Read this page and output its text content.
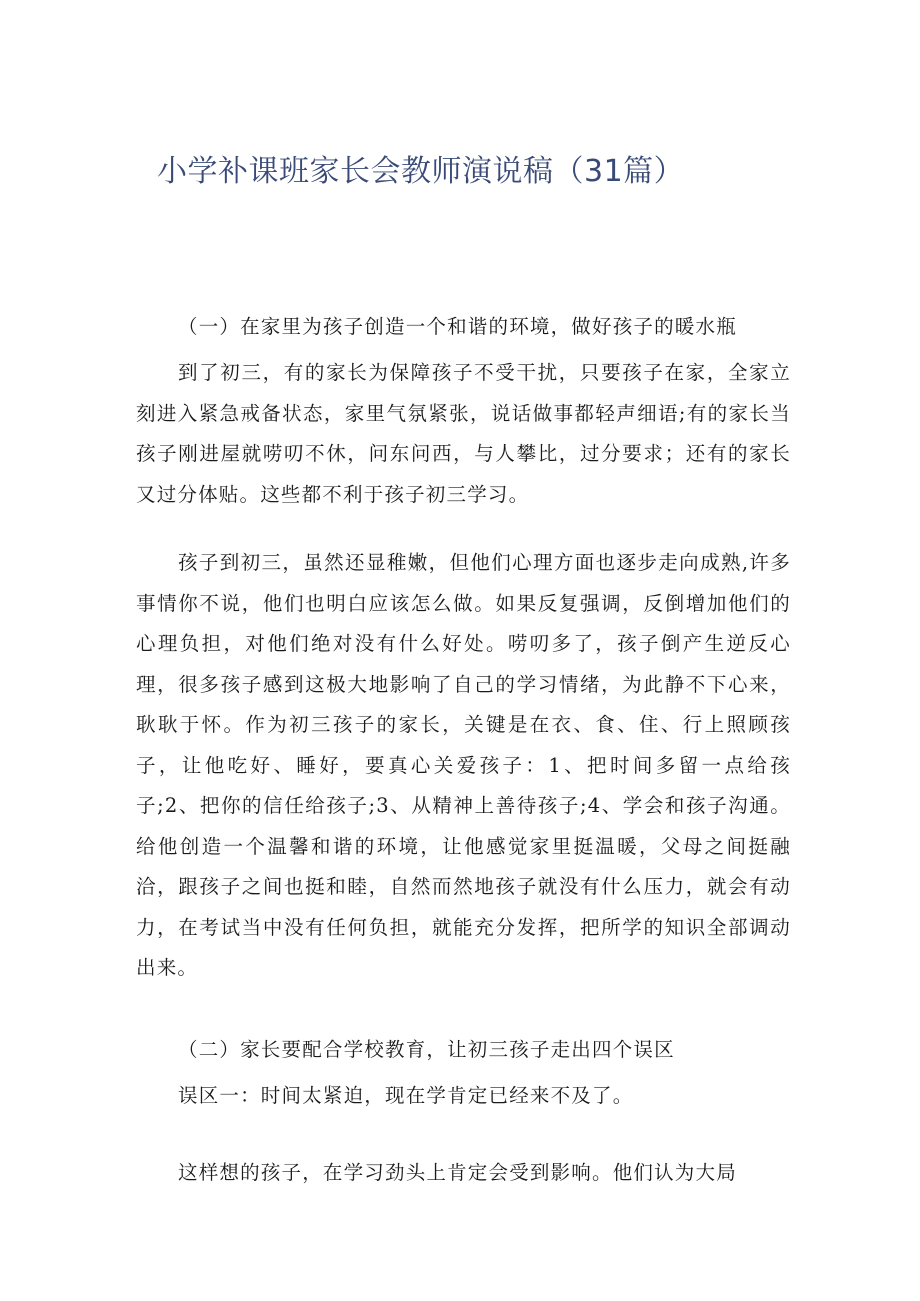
小学补课班家长会教师演说稿（31篇）
（一）在家里为孩子创造一个和谐的环境，做好孩子的暖水瓶
到了初三，有的家长为保障孩子不受干扰，只要孩子在家，全家立刻进入紧急戒备状态，家里气氛紧张，说话做事都轻声细语;有的家长当孩子刚进屋就唠叨不休，问东问西，与人攀比，过分要求；还有的家长又过分体贴。这些都不利于孩子初三学习。
孩子到初三，虽然还显稚嫩，但他们心理方面也逐步走向成熟,许多事情你不说，他们也明白应该怎么做。如果反复强调，反倒增加他们的心理负担，对他们绝对没有什么好处。唠叨多了，孩子倒产生逆反心理，很多孩子感到这极大地影响了自己的学习情绪，为此静不下心来，耿耿于怀。作为初三孩子的家长，关键是在衣、食、住、行上照顾孩子，让他吃好、睡好，要真心关爱孩子：1、把时间多留一点给孩子;2、把你的信任给孩子;3、从精神上善待孩子;4、学会和孩子沟通。给他创造一个温馨和谐的环境，让他感觉家里挺温暖，父母之间挺融洽，跟孩子之间也挺和睦，自然而然地孩子就没有什么压力，就会有动力，在考试当中没有任何负担，就能充分发挥，把所学的知识全部调动出来。
（二）家长要配合学校教育，让初三孩子走出四个误区
误区一：时间太紧迫，现在学肯定已经来不及了。
这样想的孩子，在学习劲头上肯定会受到影响。他们认为大局
